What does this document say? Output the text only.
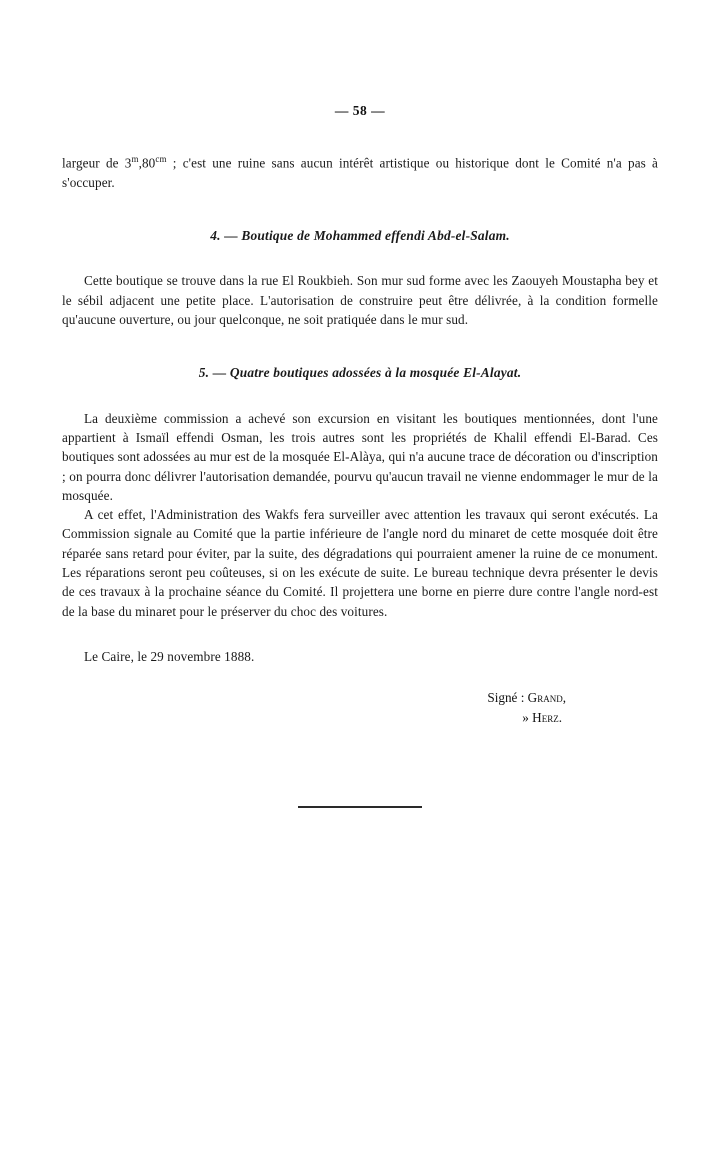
— 58 —

largeur de $3^m,80^{cm}$ ; c'est une ruine sans aucun intérêt artistique ou historique dont le Comité n'a pas à s'occuper.

4. — Boutique de Mohammed effendi Abd-el-Salam.

Cette boutique se trouve dans la rue El Roukbieh. Son mur sud forme avec les Zaouyeh Moustapha bey et le sébil adjacent une petite place. L'autorisation de construire peut être délivrée, à la condition formelle qu'aucune ouverture, ou jour quelconque, ne soit pratiquée dans le mur sud.

5. — Quatre boutiques adossées à la mosquée El-Alayat.

La deuxième commission a achevé son excursion en visitant les boutiques mentionnées, dont l'une appartient à Ismaïl effendi Osman, les trois autres sont les propriétés de Khalil effendi El-Barad. Ces boutiques sont adossées au mur est de la mosquée El-Alàya, qui n'a aucune trace de décoration ou d'inscription ; on pourra donc délivrer l'autorisation demandée, pourvu qu'aucun travail ne vienne endommager le mur de la mosquée.

A cet effet, l'Administration des Wakfs fera surveiller avec attention les travaux qui seront exécutés. La Commission signale au Comité que la partie inférieure de l'angle nord du minaret de cette mosquée doit être réparée sans retard pour éviter, par la suite, des dégradations qui pourraient amener la ruine de ce monument. Les réparations seront peu coûteuses, si on les exécute de suite. Le bureau technique devra présenter le devis de ces travaux à la prochaine séance du Comité. Il projettera une borne en pierre dure contre l'angle nord-est de la base du minaret pour le préserver du choc des voitures.

Le Caire, le 29 novembre 1888.

Signé : Grand,
» Herz.
